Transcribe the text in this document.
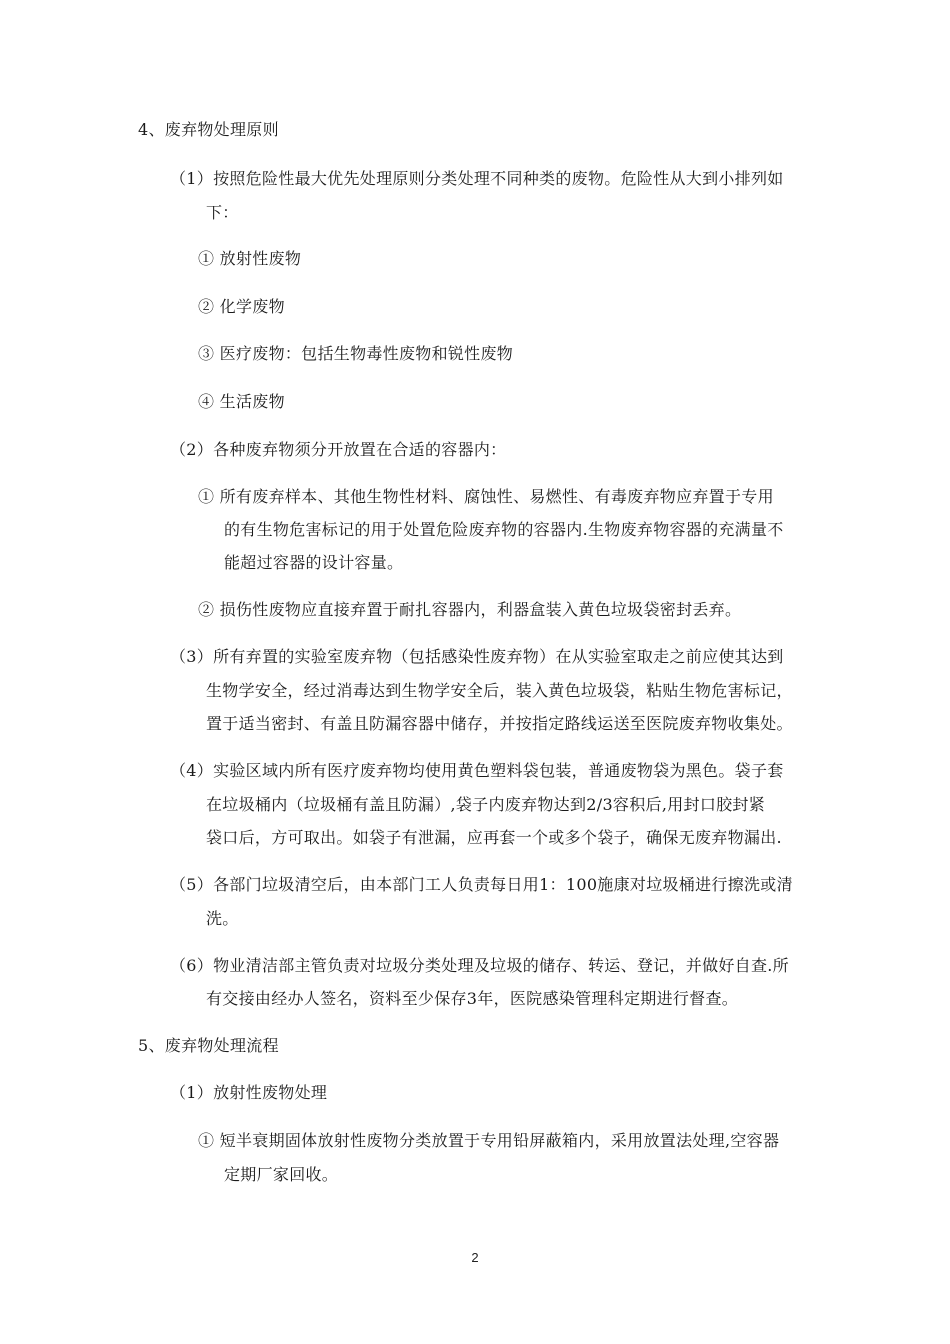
4、废弃物处理原则
（1）按照危险性最大优先处理原则分类处理不同种类的废物。危险性从大到小排列如
下：
① 放射性废物
② 化学废物
③ 医疗废物：包括生物毒性废物和锐性废物
④ 生活废物
（2）各种废弃物须分开放置在合适的容器内：
① 所有废弃样本、其他生物性材料、腐蚀性、易燃性、有毒废弃物应弃置于专用
的有生物危害标记的用于处置危险废弃物的容器内.生物废弃物容器的充满量不
能超过容器的设计容量。
② 损伤性废物应直接弃置于耐扎容器内，利器盒装入黄色垃圾袋密封丢弃。
（3）所有弃置的实验室废弃物（包括感染性废弃物）在从实验室取走之前应使其达到
生物学安全，经过消毒达到生物学安全后，装入黄色垃圾袋，粘贴生物危害标记，
置于适当密封、有盖且防漏容器中储存，并按指定路线运送至医院废弃物收集处。
（4）实验区域内所有医疗废弃物均使用黄色塑料袋包装，普通废物袋为黑色。袋子套
在垃圾桶内（垃圾桶有盖且防漏）,袋子内废弃物达到2/3容积后,用封口胶封紧
袋口后，方可取出。如袋子有泄漏，应再套一个或多个袋子，确保无废弃物漏出.
（5）各部门垃圾清空后，由本部门工人负责每日用1：100施康对垃圾桶进行擦洗或清
洗。
（6）物业清洁部主管负责对垃圾分类处理及垃圾的储存、转运、登记，并做好自查.所
有交接由经办人签名，资料至少保存3年，医院感染管理科定期进行督查。
5、废弃物处理流程
（1）放射性废物处理
① 短半衰期固体放射性废物分类放置于专用铅屏蔽箱内，采用放置法处理,空容器
定期厂家回收。
2
